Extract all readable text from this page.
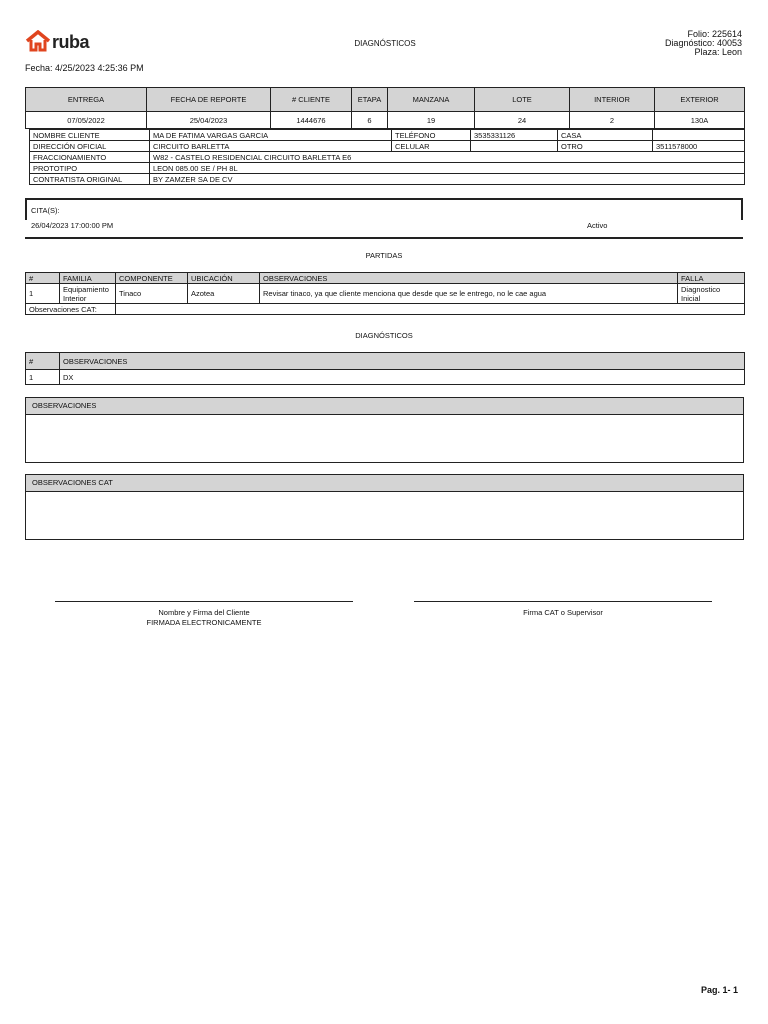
ruba	DIAGNÓSTICOS
Folio: 225614
Diagnóstico: 40053
Plaza: Leon
Fecha: 4/25/2023 4:25:36 PM
ENTREGA	FECHA DE REPORTE	# CLIENTE	ETAPA	MANZANA	LOTE	INTERIOR	EXTERIOR
07/05/2022	25/04/2023	1444676	6	19	24	2	130A
NOMBRE CLIENTE	MA DE FATIMA VARGAS GARCIA	TELÉFONO	3535331126	CASA	
DIRECCIÓN OFICIAL	CIRCUITO BARLETTA	CELULAR		OTRO	3511578000
FRACCIONAMIENTO	W82 - CASTELO RESIDENCIAL CIRCUITO BARLETTA E6				
PROTOTIPO	LEON 085.00 SE / PH 8L				
CONTRATISTA ORIGINAL	BY ZAMZER SA DE CV				
CITA(S):
26/04/2023 17:00:00 PM	Activo
PARTIDAS
#	FAMILIA	COMPONENTE	UBICACIÓN	OBSERVACIONES	FALLA
1	Equipamiento Interior	Tinaco	Azotea	Revisar tinaco, ya que cliente menciona que desde que se le entrego, no le cae agua	Diagnostico Inicial
Observaciones CAT:					
DIAGNÓSTICOS
#	OBSERVACIONES
1	DX
OBSERVACIONES
OBSERVACIONES CAT
Nombre y Firma del Cliente
FIRMADA ELECTRONICAMENTE
Firma CAT o Supervisor
Pag. 1- 1
